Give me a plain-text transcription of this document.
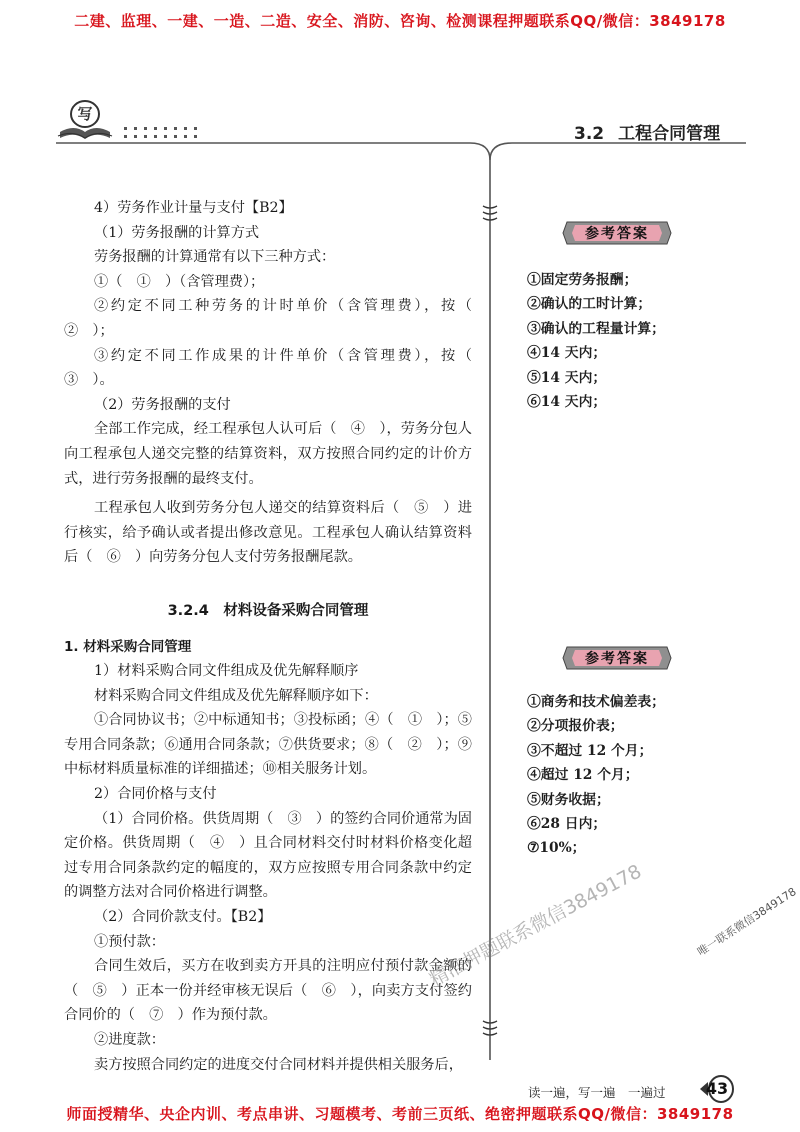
二建、监理、一建、一造、二造、安全、消防、咨询、检测课程押题联系QQ/微信：3849178
写
3.2 工程合同管理

4）劳务作业计量与支付【B2】

（1）劳务报酬的计算方式

劳务报酬的计算通常有以下三种方式：

①（　①　）（含管理费）；

②约定不同工种劳务的计时单价（含管理费），按（　②　）；

③约定不同工作成果的计件单价（含管理费），按（　③　）。

（2）劳务报酬的支付

全部工作完成，经工程承包人认可后（　④　），劳务分包人向工程承包人递交完整的结算资料，双方按照合同约定的计价方式，进行劳务报酬的最终支付。

工程承包人收到劳务分包人递交的结算资料后（　⑤　）进行核实，给予确认或者提出修改意见。工程承包人确认结算资料后（　⑥　）向劳务分包人支付劳务报酬尾款。

3.2.4　材料设备采购合同管理

1. 材料采购合同管理

1）材料采购合同文件组成及优先解释顺序

材料采购合同文件组成及优先解释顺序如下：

①合同协议书；②中标通知书；③投标函；④（　①　）；⑤专用合同条款；⑥通用合同条款；⑦供货要求；⑧（　②　）；⑨中标材料质量标准的详细描述；⑩相关服务计划。

2）合同价格与支付

（1）合同价格。供货周期（　③　）的签约合同价通常为固定价格。供货周期（　④　）且合同材料交付时材料价格变化超过专用合同条款约定的幅度的，双方应按照专用合同条款中约定的调整方法对合同价格进行调整。

（2）合同价款支付。【B2】

①预付款：

合同生效后，买方在收到卖方开具的注明应付预付款金额的（　⑤　）正本一份并经审核无误后（　⑥　），向卖方支付签约合同价的（　⑦　）作为预付款。

②进度款：

卖方按照合同约定的进度交付合同材料并提供相关服务后，

参考答案
①固定劳务报酬；
②确认的工时计算；
③确认的工程量计算；
④14 天内；
⑤14 天内；
⑥14 天内；
参考答案
①商务和技术偏差表；
②分项报价表；
③不超过 12 个月；
④超过 12 个月；
⑤财务收据；
⑥28 日内；
⑦10%；
精准押题联系微信3849178	唯一联系微信3849178
读一遍，写一遍　一遍过	43
师面授精华、央企内训、考点串讲、习题模考、考前三页纸、绝密押题联系QQ/微信：3849178
